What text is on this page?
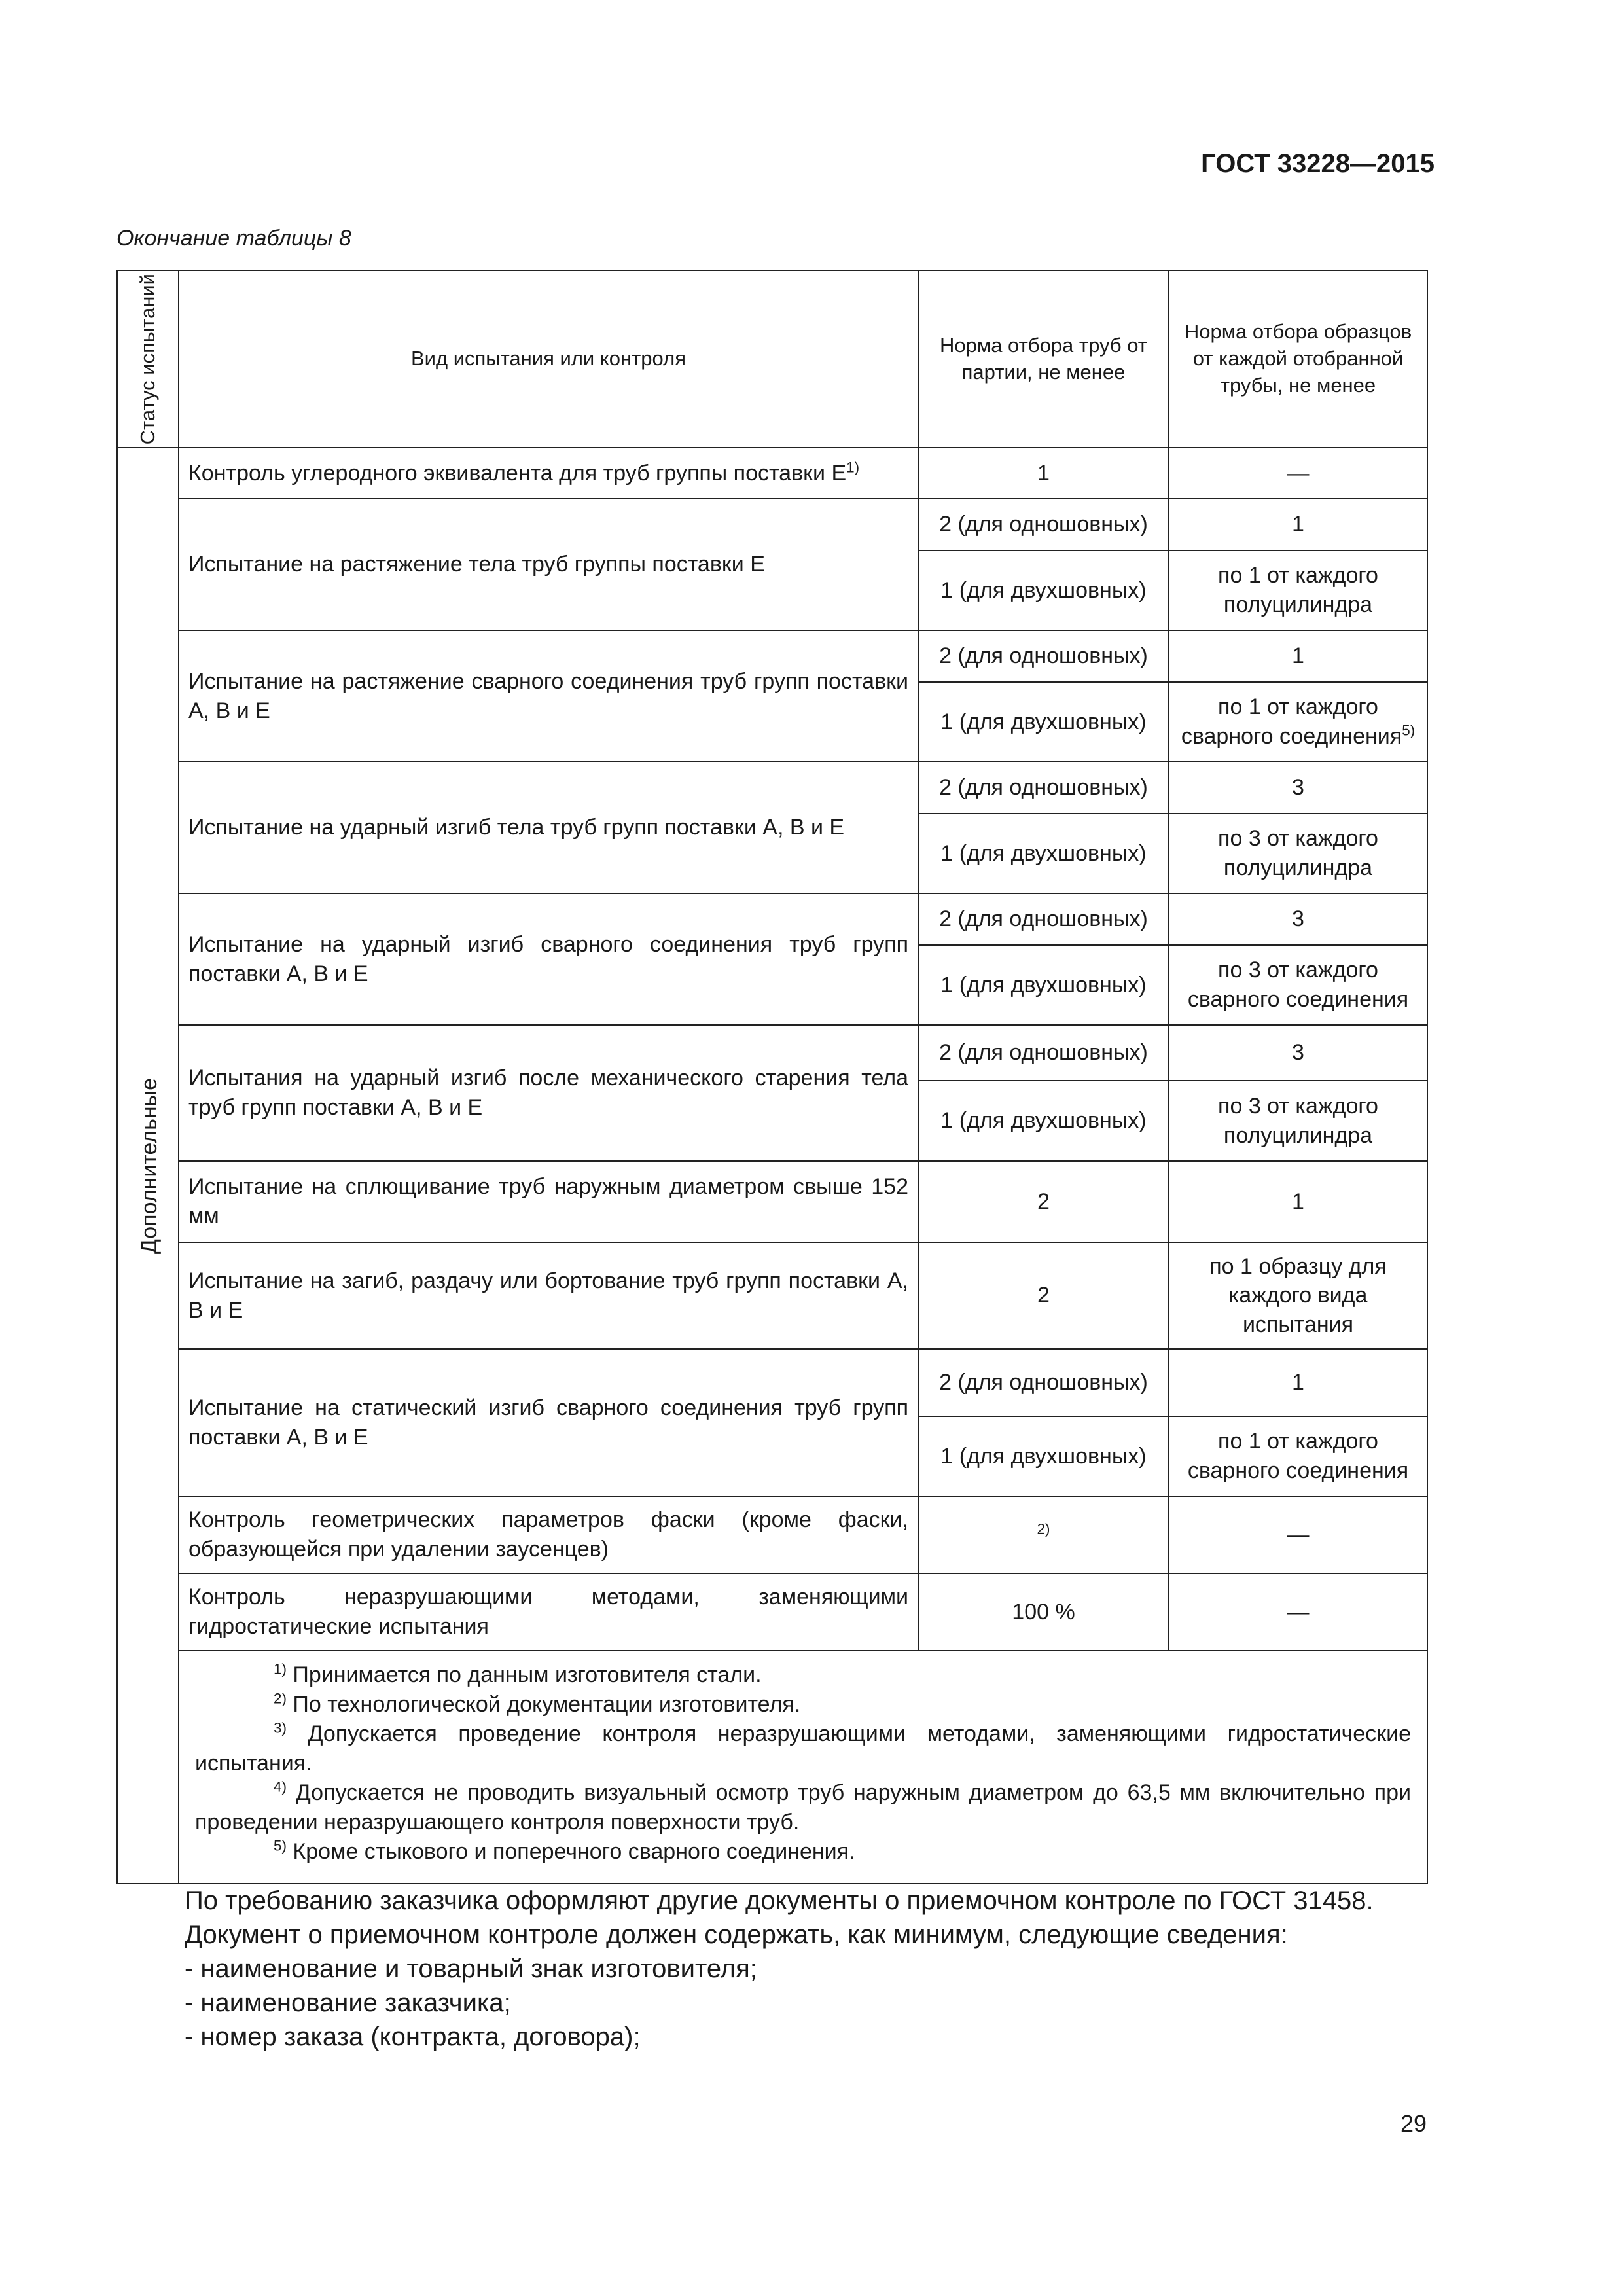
ГОСТ 33228—2015
Окончание таблицы 8
Статус испытаний	Вид испытания или контроля	Норма отбора труб от партии, не менее	Норма отбора образцов от каждой отобранной трубы, не менее

Дополнительные	Контроль углеродного эквивалента для труб группы поставки $Е^{1)}$	1	—
	Испытание на растяжение тела труб группы поставки Е	2 (для одношовных)	1
		1 (для двухшовных)	по 1 от каждого полуцилиндра
	Испытание на растяжение сварного соединения труб групп поставки А, В и Е	2 (для одношовных)	1
		1 (для двухшовных)	по 1 от каждого сварного соединения$^{5)}$
	Испытание на ударный изгиб тела труб групп поставки А, В и Е	2 (для одношовных)	3
		1 (для двухшовных)	по 3 от каждого полуцилиндра
	Испытание на ударный изгиб сварного соединения труб групп поставки А, В и Е	2 (для одношовных)	3
		1 (для двухшовных)	по 3 от каждого сварного соединения
	Испытания на ударный изгиб после механического старения тела труб групп поставки А, В и Е	2 (для одношовных)	3
		1 (для двухшовных)	по 3 от каждого полуцилиндра
	Испытание на сплющивание труб наружным диаметром свыше 152 мм	2	1
	Испытание на загиб, раздачу или бортование труб групп поставки А, В и Е	2	по 1 образцу для каждого вида испытания
	Испытание на статический изгиб сварного соединения труб групп поставки А, В и Е	2 (для одношовных)	1
		1 (для двухшовных)	по 1 от каждого сварного соединения
	Контроль геометрических параметров фаски (кроме фаски, образующейся при удалении заусенцев)	$^{2)}$	—
	Контроль неразрушающими методами, заменяющими гидростатические испытания	100 %	—

	$^{1)}$ Принимается по данным изготовителя стали.

$^{2)}$ По технологической документации изготовителя.

$^{3)}$ Допускается проведение контроля неразрушающими методами, заменяющими гидростатические испытания.

$^{4)}$ Допускается не проводить визуальный осмотр труб наружным диаметром до 63,5 мм включительно при проведении неразрушающего контроля поверхности труб.

$^{5)}$ Кроме стыкового и поперечного сварного соединения.		

По требованию заказчика оформляют другие документы о приемочном контроле по ГОСТ 31458.

Документ о приемочном контроле должен содержать, как минимум, следующие сведения:

- наименование и товарный знак изготовителя;

- наименование заказчика;

- номер заказа (контракта, договора);

29
